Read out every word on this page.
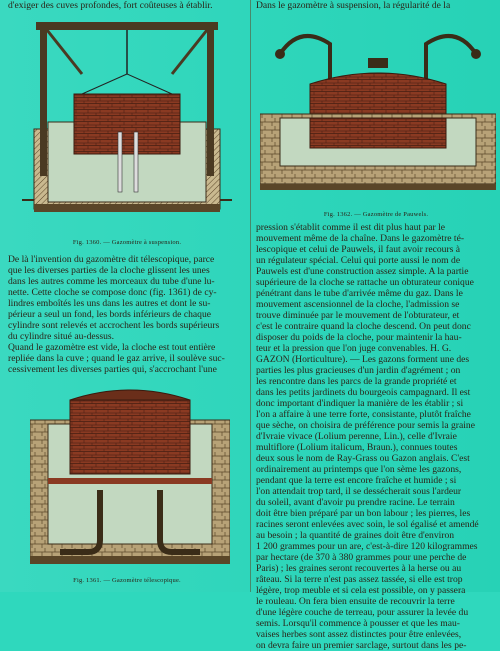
d'exiger des cuves profondes, fort coûteuses à établir.
Fig. 1360. — Gazomètre à suspension.
De là l'invention du gazomètre dit télescopique, parce
que les diverses parties de la cloche glissent les unes
dans les autres comme les morceaux du tube d'une lu-
nette. Cette cloche se compose donc (fig. 1361) de cy-
lindres emboîtés les uns dans les autres et dont le su-
périeur a seul un fond, les bords inférieurs de chaque
cylindre sont relevés et accrochent les bords supérieurs
du cylindre situé au-dessus.
Quand le gazomètre est vide, la cloche est tout entière
repliée dans la cuve ; quand le gaz arrive, il soulève suc-
cessivement les diverses parties qui, s'accrochant l'une
Fig. 1361. — Gazomètre télescopique.
Dans le gazomètre à suspension, la régularité de la
Fig. 1362. — Gazomètre de Pauwels.
pression s'établit comme il est dit plus haut par le
mouvement même de la chaîne. Dans le gazomètre té-
lescopique et celui de Pauwels, il faut avoir recours à
un régulateur spécial. Celui qui porte aussi le nom de
Pauwels est d'une construction assez simple. A la partie
supérieure de la cloche se rattache un obturateur conique
pénétrant dans le tube d'arrivée même du gaz. Dans le
mouvement ascensionnel de la cloche, l'admission se
trouve diminuée par le mouvement de l'obturateur, et
c'est le contraire quand la cloche descend. On peut donc
disposer du poids de la cloche, pour maintenir la hau-
teur et la pression que l'on juge convenables. H. G.
GAZON (Horticulture). — Les gazons forment une des
parties les plus gracieuses d'un jardin d'agrément ; on
les rencontre dans les parcs de la grande propriété et
dans les petits jardinets du bourgeois campagnard. Il est
donc important d'indiquer la manière de les établir ; si
l'on a affaire à une terre forte, consistante, plutôt fraîche
que sèche, on choisira de préférence pour semis la graine
d'Ivraie vivace (Lolium perenne, Lin.), celle d'Ivraie
multiflore (Lolium italicum, Braun.), connues toutes
deux sous le nom de Ray-Grass ou Gazon anglais. C'est
ordinairement au printemps que l'on sème les gazons,
pendant que la terre est encore fraîche et humide ; si
l'on attendait trop tard, il se dessécherait sous l'ardeur
du soleil, avant d'avoir pu prendre racine. Le terrain
doit être bien préparé par un bon labour ; les pierres, les
racines seront enlevées avec soin, le sol égalisé et amendé
au besoin ; la quantité de graines doit être d'environ
1 200 grammes pour un are, c'est-à-dire 120 kilogrammes
par hectare (de 370 à 380 grammes pour une perche de
Paris) ; les graines seront recouvertes à la herse ou au
râteau. Si la terre n'est pas assez tassée, si elle est trop
légère, trop meuble et si cela est possible, on y passera
le rouleau. On fera bien ensuite de recouvrir la terre
d'une légère couche de terreau, pour assurer la levée du
semis. Lorsqu'il commence à pousser et que les mau-
vaises herbes sont assez distinctes pour être enlevées,
on devra faire un premier sarclage, surtout dans les pe-
